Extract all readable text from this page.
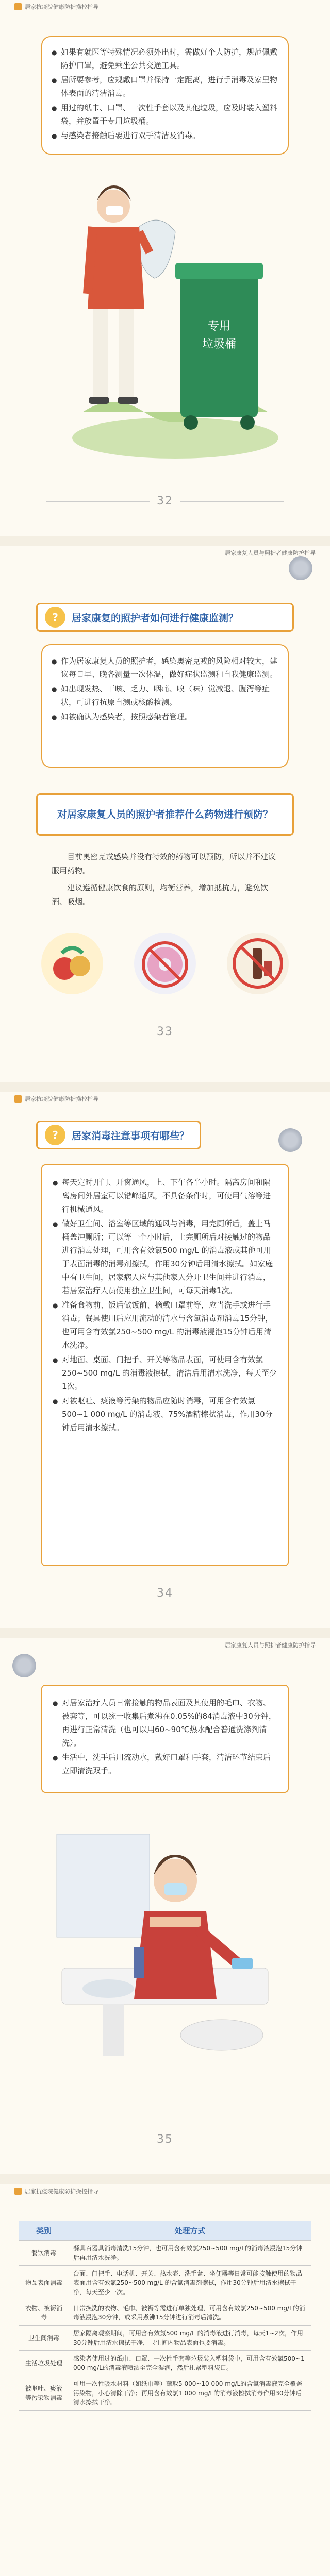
居家抗疫院健康防护操控指导
● 如果有就医等特殊情况必须外出时，需做好个人防护，规范佩戴防护口罩，避免乘坐公共交通工具。
● 居所要参考，应规戴口罩并保持一定距离，进行手消毒及家里物体表面的清洁消毒。
● 用过的纸巾、口罩、一次性手套以及其他垃圾，应及时装入塑料袋，并放置于专用垃圾桶。
● 与感染者接触后要进行双手清洁及消毒。
专用
垃圾桶
32
居家康复人员与照护者健康防护指导
?	居家康复的照护者如何进行健康监测？
● 作为居家康复人员的照护者，感染奥密克戎的风险相对较大，建议每日早、晚各测量一次体温，做好症状监测和自我健康监测。
● 如出现发热、干咳、乏力、咽痛、嗅（味）觉减退、腹泻等症状，可进行抗原自测或核酸检测。
● 如被确认为感染者，按照感染者管理。
对居家康复人员的照护者推荐什么药物进行预防？

目前奥密克戎感染并没有特效的药物可以预防，所以并不建议服用药物。

建议遵循健康饮食的原则，均衡营养，增加抵抗力，避免饮酒、吸烟。

33
居家抗疫院健康防护操控指导
?	居家消毒注意事项有哪些？
● 每天定时开门、开窗通风，上、下午各半小时。隔离房间和隔离房间外居室可以错峰通风，不具备条件时，可使用气溶等进行机械通风。
● 做好卫生间、浴室等区域的通风与消毒，用完厕所后，盖上马桶盖冲厕所；可以等一个小时后，上完厕所后对接触过的物品进行消毒处理，可用含有效氯500 mg/L 的消毒液或其他可用于表面消毒的消毒剂擦拭，作用30分钟后用清水擦拭。如家庭中有卫生间，居家病人应与其他家人分开卫生间并进行消毒，若居家治疗人员使用独立卫生间，可每天消毒1次。
● 准备食物前、饭后做饭前、摘戴口罩前等，应当洗手或进行手消毒；餐具使用后应用流动的清水与含氯消毒剂消毒15分钟，也可用含有效氯250~500 mg/L 的消毒液浸泡15分钟后用清水洗净。
● 对地面、桌面、门把手、开关等物品表面，可使用含有效氯250~500 mg/L 的消毒液擦拭，清洁后用清水洗净，每天至少1次。
● 对被呕吐、痰液等污染的物品应随时消毒，可用含有效氯500~1 000 mg/L 的消毒液、75%酒精擦拭消毒，作用30分钟后用清水擦拭。
34
居家康复人员与照护者健康防护指导
● 对居家治疗人员日常接触的物品表面及其使用的毛巾、衣物、被套等，可以统一收集后煮沸在0.05%的84消毒液中30分钟，再进行正常清洗（也可以用60~90℃热水配合普通洗涤剂清洗）。
● 生活中，洗手后用流动水，戴好口罩和手套，清洁环节结束后立即清洗双手。
35
居家抗疫院健康防护操控指导
类别	处理方式
餐饮消毒	餐具百器具消毒清洗15分钟，也可用含有效氯250~500 mg/L的消毒液浸泡15分钟后再用清水洗净。
物品表面消毒	台面、门把手、电话机、开关、热水壶、洗手盆、坐便器等日常可能接触使用的物品表面用含有效氯250~500 mg/L 的含氯消毒剂擦拭，作用30分钟后用清水擦拭干净，每天至少一次。
衣物、被褥消毒	日常换洗的衣物、毛巾、被褥等需进行单独处理，可用含有效氯250~500 mg/L的消毒液浸泡30分钟，或采用煮沸15分钟进行消毒后清洗。
卫生间消毒	居家隔离观察期间，可用含有效氯500 mg/L 的消毒液进行消毒，每天1~2次，作用30分钟后用清水擦拭干净，卫生间内物品表面也要消毒。
生活垃圾处理	感染者使用过的纸巾、口罩、一次性手套等垃圾装入塑料袋中，可用含有效氯500~1 000 mg/L的消毒液喷洒至完全湿润，然后扎紧塑料袋口。
被呕吐、痰液等污染物消毒	可用一次性吸水材料（如纸巾等）蘸取5 000~10 000 mg/L的含氯消毒液完全覆盖污染物，小心清除干净；再用含有效氯1 000 mg/L的消毒液擦拭消毒作用30分钟后清水擦拭干净。
